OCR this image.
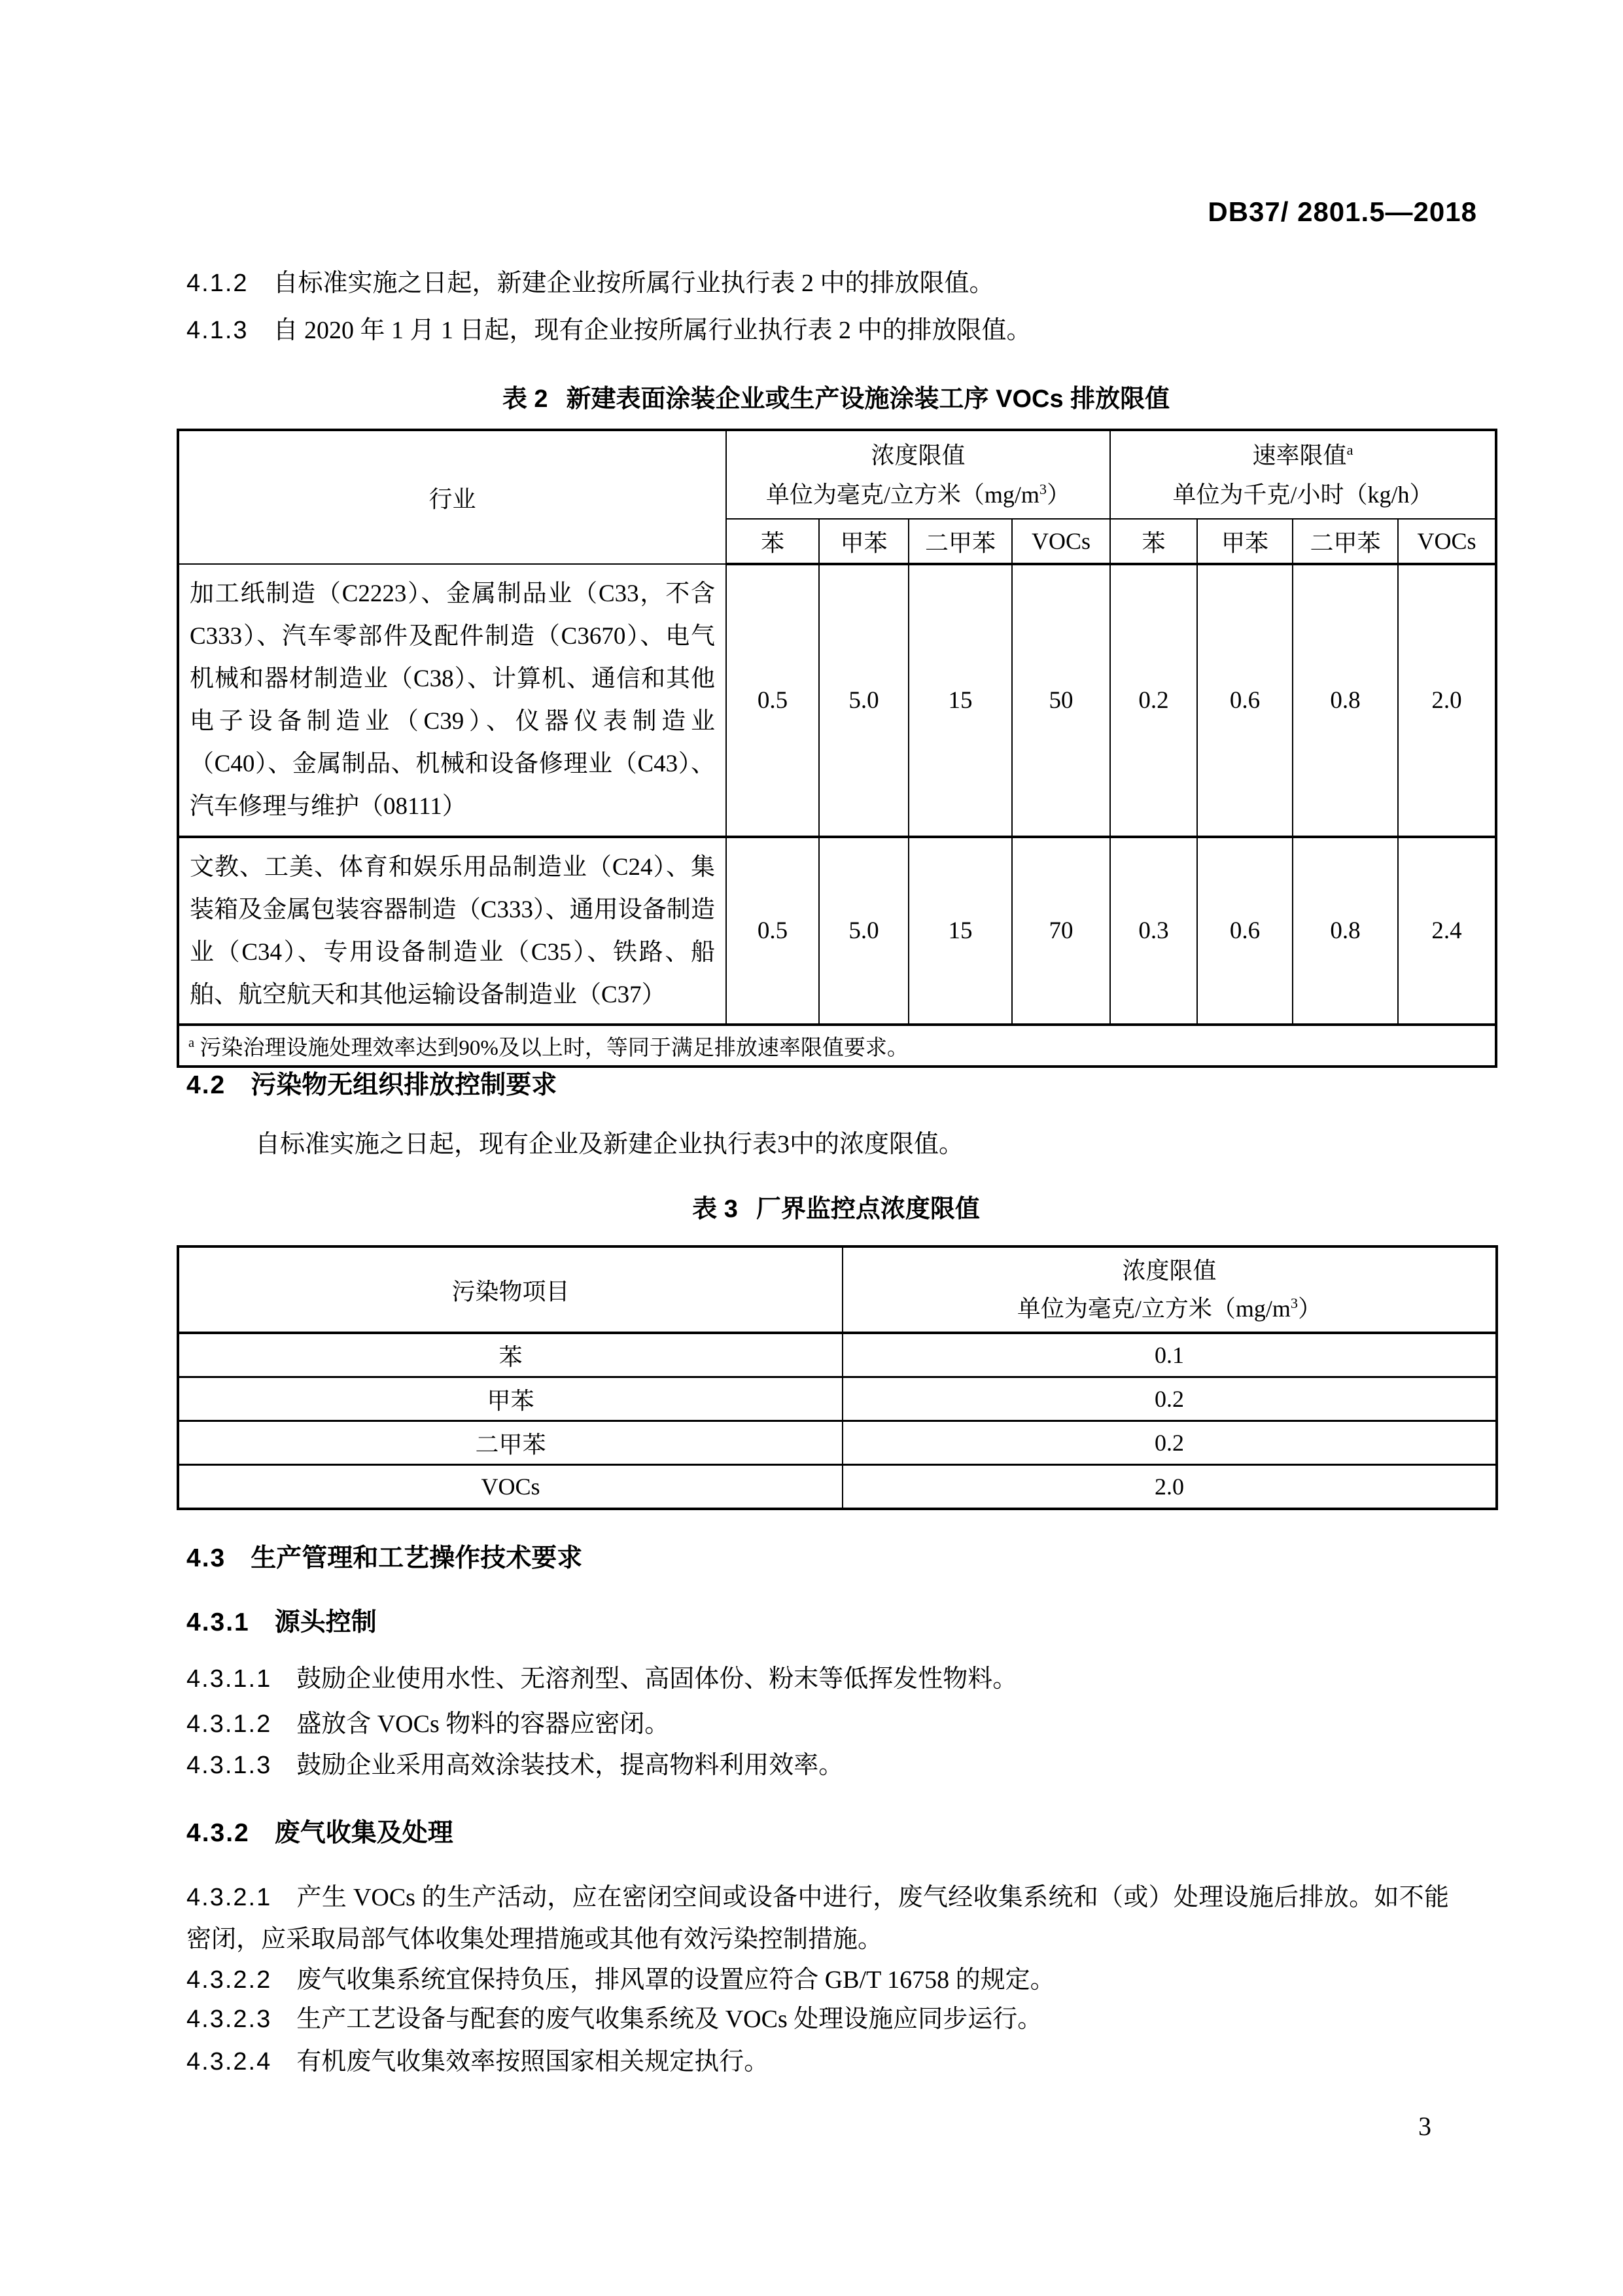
DB37/ 2801.5—2018
4.1.2 自标准实施之日起，新建企业按所属行业执行表 2 中的排放限值。
4.1.3 自 2020 年 1 月 1 日起，现有企业按所属行业执行表 2 中的排放限值。
表 2 新建表面涂装企业或生产设施涂装工序 VOCs 排放限值
行业	
浓度限值
单位为毫克/立方米$(mg/m^3)$

速率限值$^a$
单位为千克/小时（kg/h）

	苯	甲苯	二甲苯	VOCs	苯	甲苯	二甲苯	VOCs
加工纸制造（C2223）、金属制品业（C33，不含 C333）、汽车零部件及配件制造（C3670）、电气机械和器材制造业（C38）、计算机、通信和其他电子设备制造业（C39）、仪器仪表制造业（C40）、金属制品、机械和设备修理业（C43）、汽车修理与维护（08111）	0.5	5.0	15	50	0.2	0.6	0.8	2.0
文教、工美、体育和娱乐用品制造业（C24）、集装箱及金属包装容器制造（C333）、通用设备制造业（C34）、专用设备制造业（C35）、铁路、船舶、航空航天和其他运输设备制造业（C37）	0.5	5.0	15	70	0.3	0.6	0.8	2.4
$^a$ 污染治理设施处理效率达到90%及以上时，等同于满足排放速率限值要求。								
4.2 污染物无组织排放控制要求
自标准实施之日起，现有企业及新建企业执行表3中的浓度限值。
表 3 厂界监控点浓度限值
污染物项目	浓度限值
单位为毫克/立方米$(mg/m^3)$

苯	0.1
甲苯	0.2
二甲苯	0.2
VOCs	2.0
4.3 生产管理和工艺操作技术要求
4.3.1 源头控制
4.3.1.1 鼓励企业使用水性、无溶剂型、高固体份、粉末等低挥发性物料。
4.3.1.2 盛放含 VOCs 物料的容器应密闭。
4.3.1.3 鼓励企业采用高效涂装技术，提高物料利用效率。
4.3.2 废气收集及处理
4.3.2.1 产生 VOCs 的生产活动，应在密闭空间或设备中进行，废气经收集系统和（或）处理设施后排放。如不能密闭，应采取局部气体收集处理措施或其他有效污染控制措施。
4.3.2.2 废气收集系统宜保持负压，排风罩的设置应符合 GB/T 16758 的规定。
4.3.2.3 生产工艺设备与配套的废气收集系统及 VOCs 处理设施应同步运行。
4.3.2.4 有机废气收集效率按照国家相关规定执行。
3
